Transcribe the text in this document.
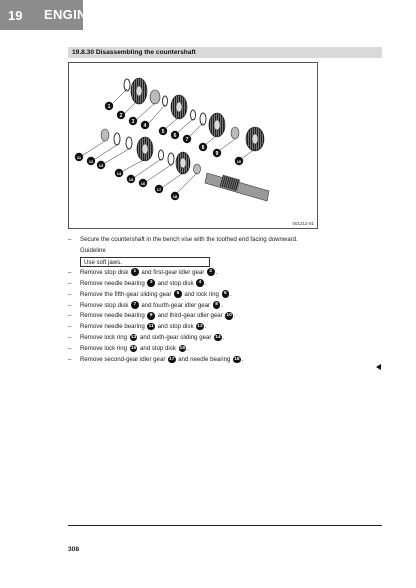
19 ENGINE
19.8.30 Disassembling the countershaft
1
2
3
4
5
6
7
8
9
10
11
12
13
14
15
16
17
18
001212-01
– Secure the countershaft in the bench vise with the toothed end facing downward.
Guideline
Use soft jaws.
– Remove stop disk 1 and first-gear idler gear 2 .
– Remove needle bearing 3 and stop disk 4 .
– Remove the fifth-gear sliding gear 5 and lock ring 6 .
– Remove stop disk 7 and fourth-gear idler gear 8 .
– Remove needle bearing 9 and third-gear idler gear 10 .
– Remove needle bearing 11 and stop disk 12 .
– Remove lock ring 13 and sixth-gear sliding gear 14 .
– Remove lock ring 15 and stop disk 16 .
– Remove second-gear idler gear 17 and needle bearing 18 .
308
